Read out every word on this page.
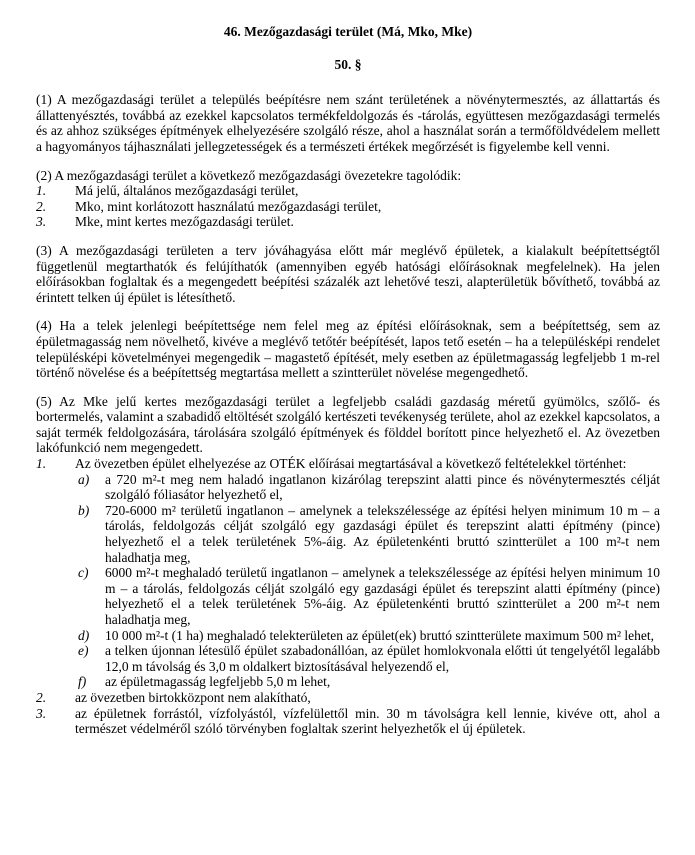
46. Mezőgazdasági terület (Má, Mko, Mke)
50. §
(1) A mezőgazdasági terület a település beépítésre nem szánt területének a növénytermesztés, az állattartás és állattenyésztés, továbbá az ezekkel kapcsolatos termékfeldolgozás és -tárolás, együttesen mezőgazdasági termelés és az ahhoz szükséges építmények elhelyezésére szolgáló része, ahol a használat során a termőföldvédelem mellett a hagyományos tájhasználati jellegzetességek és a természeti értékek megőrzését is figyelembe kell venni.
(2) A mezőgazdasági terület a következő mezőgazdasági övezetekre tagolódik:
1.	Má jelű, általános mezőgazdasági terület,
2.	Mko, mint korlátozott használatú mezőgazdasági terület,
3.	Mke, mint kertes mezőgazdasági terület.
(3) A mezőgazdasági területen a terv jóváhagyása előtt már meglévő épületek, a kialakult beépítettségtől függetlenül megtarthatók és felújíthatók (amennyiben egyéb hatósági előírásoknak megfelelnek). Ha jelen előírásokban foglaltak és a megengedett beépítési százalék azt lehetővé teszi, alapterületük bővíthető, továbbá az érintett telken új épület is létesíthető.
(4) Ha a telek jelenlegi beépítettsége nem felel meg az építési előírásoknak, sem a beépítettség, sem az épületmagasság nem növelhető, kivéve a meglévő tetőtér beépítését, lapos tető esetén – ha a településképi rendelet településképi követelményei megengedik – magastető építését, mely esetben az épületmagasság legfeljebb 1 m-rel történő növelése és a beépítettség megtartása mellett a szintterület növelése megengedhető.
(5) Az Mke jelű kertes mezőgazdasági terület a legfeljebb családi gazdaság méretű gyümölcs, szőlő- és bortermelés, valamint a szabadidő eltöltését szolgáló kertészeti tevékenység területe, ahol az ezekkel kapcsolatos, a saját termék feldolgozására, tárolására szolgáló építmények és földdel borított pince helyezhető el. Az övezetben lakófunkció nem megengedett.
1.	Az övezetben épület elhelyezése az OTÉK előírásai megtartásával a következő feltételekkel történhet:
a)	a 720 m²-t meg nem haladó ingatlanon kizárólag terepszint alatti pince és növénytermesztés célját szolgáló fóliasátor helyezhető el,
b)	720-6000 m² területű ingatlanon – amelynek a telekszélessége az építési helyen minimum 10 m – a tárolás, feldolgozás célját szolgáló egy gazdasági épület és terepszint alatti építmény (pince) helyezhető el a telek területének 5%-áig. Az épületenkénti bruttó szintterület a 100 m²-t nem haladhatja meg,
c)	6000 m²-t meghaladó területű ingatlanon – amelynek a telekszélessége az építési helyen minimum 10 m – a tárolás, feldolgozás célját szolgáló egy gazdasági épület és terepszint alatti építmény (pince) helyezhető el a telek területének 5%-áig. Az épületenkénti bruttó szintterület a 200 m²-t nem haladhatja meg,
d)	10 000 m²-t (1 ha) meghaladó telekterületen az épület(ek) bruttó szintterülete maximum 500 m² lehet,
e)	a telken újonnan létesülő épület szabadonállóan, az épület homlokvonala előtti út tengelyétől legalább 12,0 m távolság és 3,0 m oldalkert biztosításával helyezendő el,
f)	az épületmagasság legfeljebb 5,0 m lehet,
2.	az övezetben birtokközpont nem alakítható,
3.	az épületnek forrástól, vízfolyástól, vízfelülettől min. 30 m távolságra kell lennie, kivéve ott, ahol a természet védelméről szóló törvényben foglaltak szerint helyezhetők el új épületek.
